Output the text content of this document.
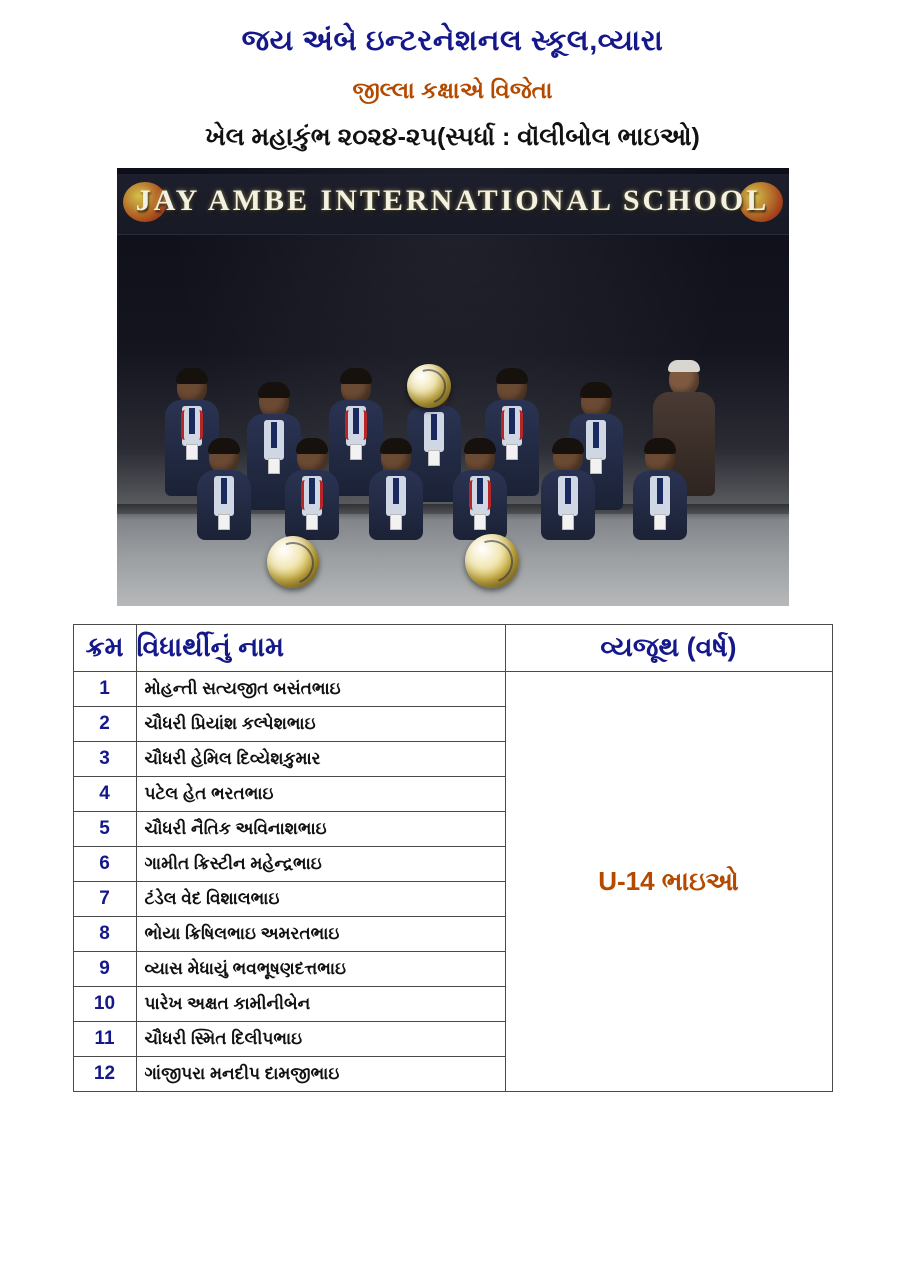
જય અંબે ઇન્ટરનેશનલ સ્કૂલ,વ્યારા
જીલ્લા કક્ષાએ વિજેતા
ખેલ મહાકુંભ ૨૦૨૪-૨૫(સ્પર્ધા : વૉલીબોલ ભાઇઓ)
JAY AMBE INTERNATIONAL SCHOOL
ક્રમ	વિધાર્થીનું નામ	વ્યજૂથ (વર્ષ)
1	મોહન્તી સત્યજીત બસંતભાઇ	U-14 ભાઇઓ
2	ચૌધરી પ્રિયાંશ કલ્પેશભાઇ	
3	ચૌધરી હેમિલ દિવ્યેશકુમાર	
4	પટેલ હેત ભરતભાઇ	
5	ચૌધરી નૈતિક અવિનાશભાઇ	
6	ગામીત ક્રિસ્ટીન મહેન્દ્રભાઇ	
7	ટંડેલ વેદ વિશાલભાઇ	
8	ભોયા ક્રિષિલભાઇ અમરતભાઇ	
9	વ્યાસ મેધાયું ભવભૂષણદત્તભાઇ	
10	પારેખ અક્ષત કામીનીબેન	
11	ચૌધરી સ્મિત દિલીપભાઇ	
12	ગાંજીપરા મનદીપ દામજીભાઇ	
